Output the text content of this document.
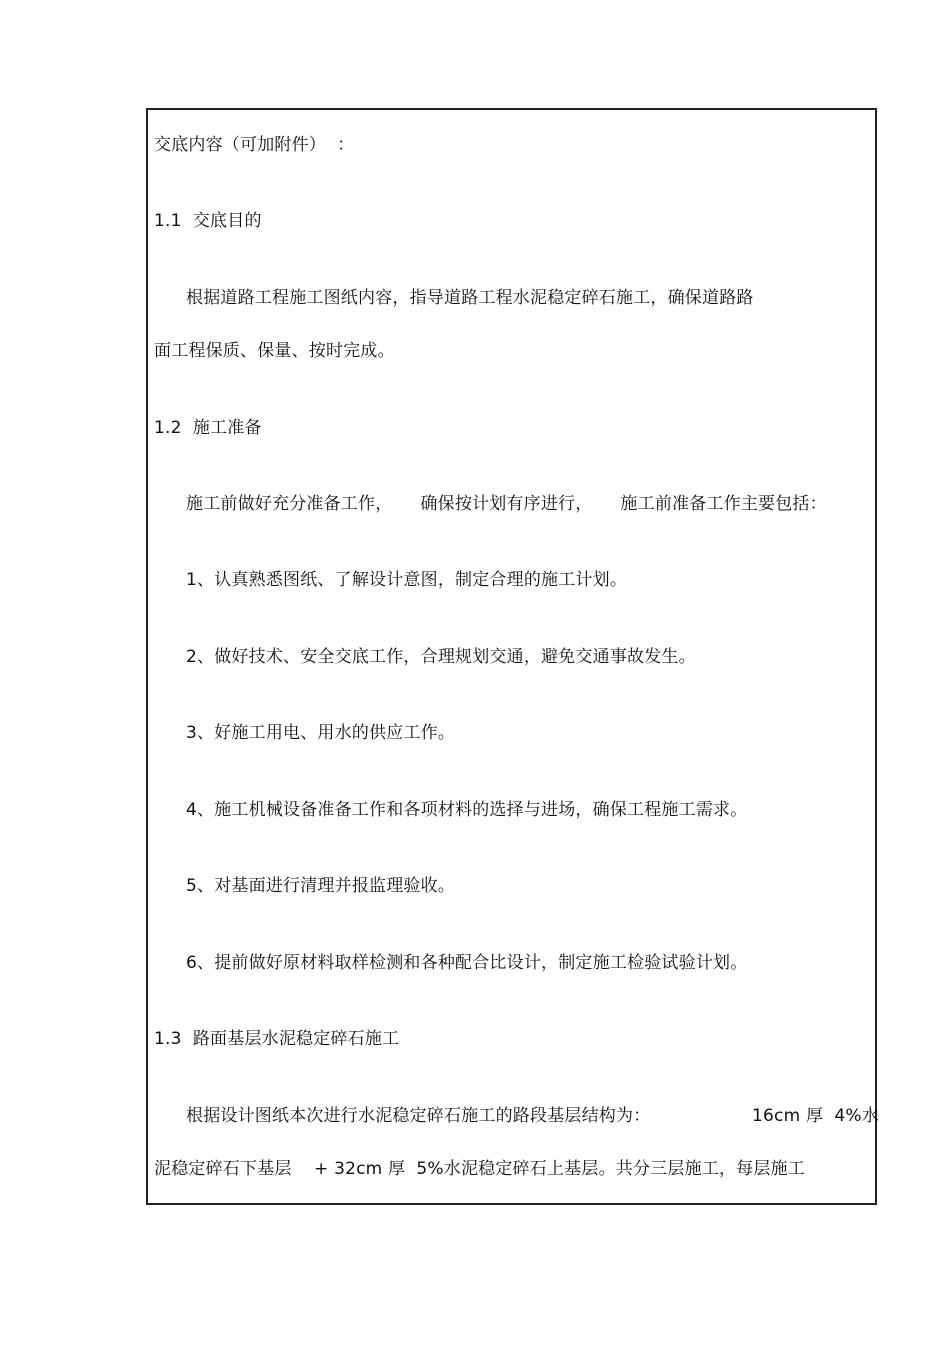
交底内容（可加附件）  ：
1.1  交底目的
根据道路工程施工图纸内容，指导道路工程水泥稳定碎石施工，确保道路路
面工程保质、保量、按时完成。
1.2  施工准备
施工前做好充分准备工作，     确保按计划有序进行，     施工前准备工作主要包括：
1、认真熟悉图纸、了解设计意图，制定合理的施工计划。
2、做好技术、安全交底工作，合理规划交通，避免交通事故发生。
3、好施工用电、用水的供应工作。
4、施工机械设备准备工作和各项材料的选择与进场，确保工程施工需求。
5、对基面进行清理并报监理验收。
6、提前做好原材料取样检测和各种配合比设计，制定施工检验试验计划。
1.3  路面基层水泥稳定碎石施工
根据设计图纸本次进行水泥稳定碎石施工的路段基层结构为：	16cm 厚  4%水
泥稳定碎石下基层    + 32cm 厚  5%水泥稳定碎石上基层。共分三层施工，每层施工
